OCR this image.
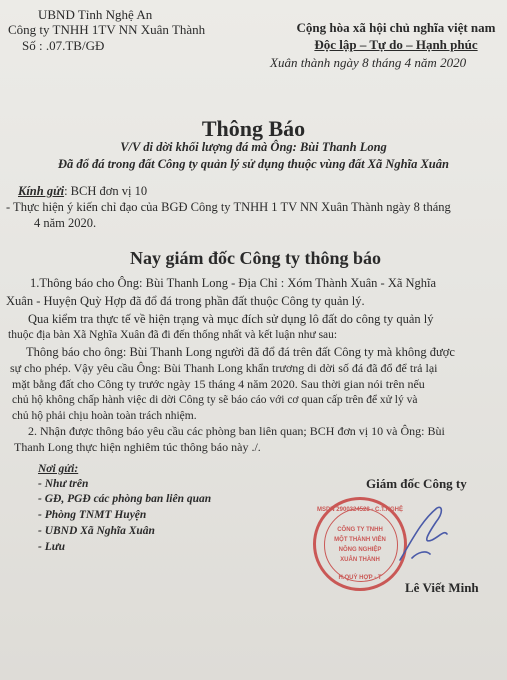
UBND Tỉnh Nghệ An
Công ty TNHH 1TV NN Xuân Thành
Số : .07.TB/GĐ
Cộng hòa xã hội chủ nghĩa việt nam
Độc lập – Tự do – Hạnh phúc
Xuân thành ngày 8 tháng 4 năm 2020
Thông Báo
V/V di dời khối lượng đá mà Ông: Bùi Thanh Long
Đã đổ đá trong đất Công ty quản lý sử dụng thuộc vùng đất Xã Nghĩa Xuân
Kính gửi: BCH đơn vị 10
- Thực hiện ý kiến chỉ đạo của BGĐ Công ty TNHH 1 TV NN Xuân Thành ngày 8 tháng
4 năm 2020.
Nay giám đốc Công ty thông báo
1.Thông báo cho Ông: Bùi Thanh Long - Địa Chỉ : Xóm Thành Xuân - Xã Nghĩa
Xuân - Huyện Quỳ Hợp đã đổ đá trong phần đất thuộc Công ty quản lý.
Qua kiểm tra thực tế về hiện trạng và mục đích sử dụng lô đất do công ty quản lý
thuộc địa bàn Xã Nghĩa Xuân đã đi đến thống nhất và kết luận như sau:
Thông báo cho ông: Bùi Thanh Long người đã đổ đá trên đất Công ty mà không được
sự cho phép. Vậy yêu cầu Ông: Bùi Thanh Long khẩn trương di dời số đá đã đổ để trả lại
mặt bằng đất cho Công ty trước ngày 15 tháng 4 năm 2020. Sau thời gian nói trên nếu
chủ hộ không chấp hành việc di dời Công ty sẽ báo cáo với cơ quan cấp trên để xử lý và
chủ hộ phải chịu hoàn toàn trách nhiệm.
2. Nhận được thông báo yêu cầu các phòng ban liên quan; BCH đơn vị 10 và Ông: Bùi
Thanh Long thực hiện nghiêm túc thông báo này ./.
Nơi gửi:
- Như trên
- GĐ, PGĐ các phòng ban liên quan
- Phòng TNMT Huyện
- UBND Xã Nghĩa Xuân
- Lưu
Giám đốc Công ty
MSDN 2900324528 - C.T.NGHỆ
CÔNG TY TNHH
MỘT THÀNH VIÊN
NÔNG NGHIỆP
XUÂN THÀNH
H.QUỲ HỢP - T
Lê Viết Minh
